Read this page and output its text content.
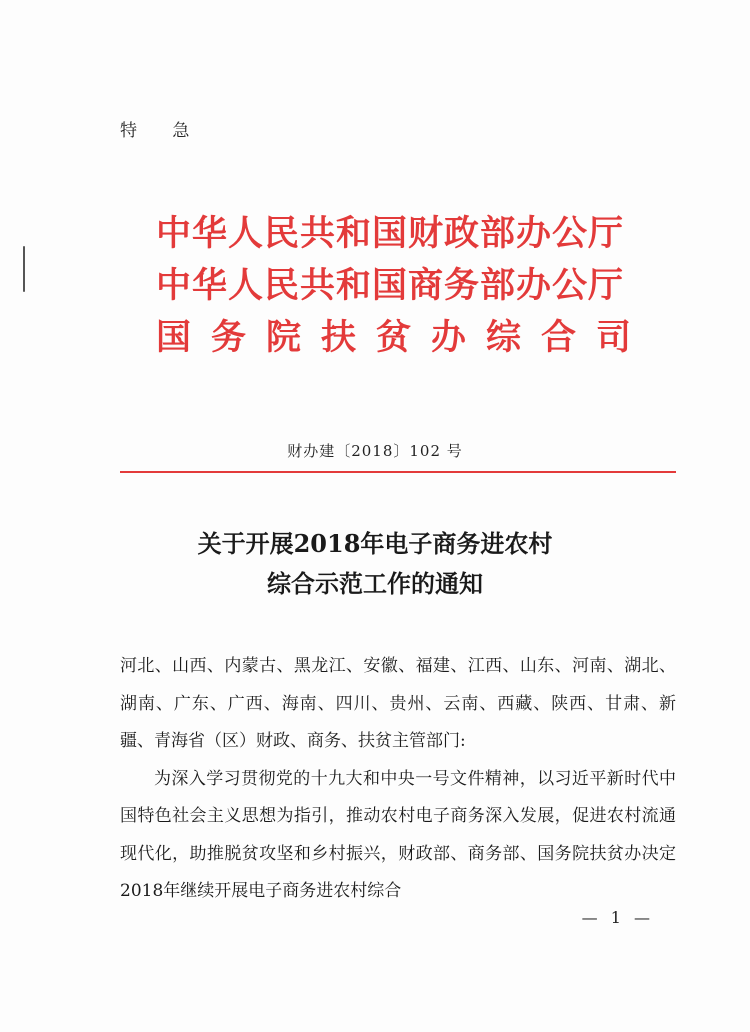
特 急
中华人民共和国财政部办公厅
中华人民共和国商务部办公厅
国务院扶贫办综合司
财办建〔2018〕102 号
关于开展2018年电子商务进农村
综合示范工作的通知

河北、山西、内蒙古、黑龙江、安徽、福建、江西、山东、河南、湖北、湖南、广东、广西、海南、四川、贵州、云南、西藏、陕西、甘肃、新疆、青海省（区）财政、商务、扶贫主管部门:

为深入学习贯彻党的十九大和中央一号文件精神，以习近平新时代中国特色社会主义思想为指引，推动农村电子商务深入发展，促进农村流通现代化，助推脱贫攻坚和乡村振兴，财政部、商务部、国务院扶贫办决定2018年继续开展电子商务进农村综合

— 1 —
